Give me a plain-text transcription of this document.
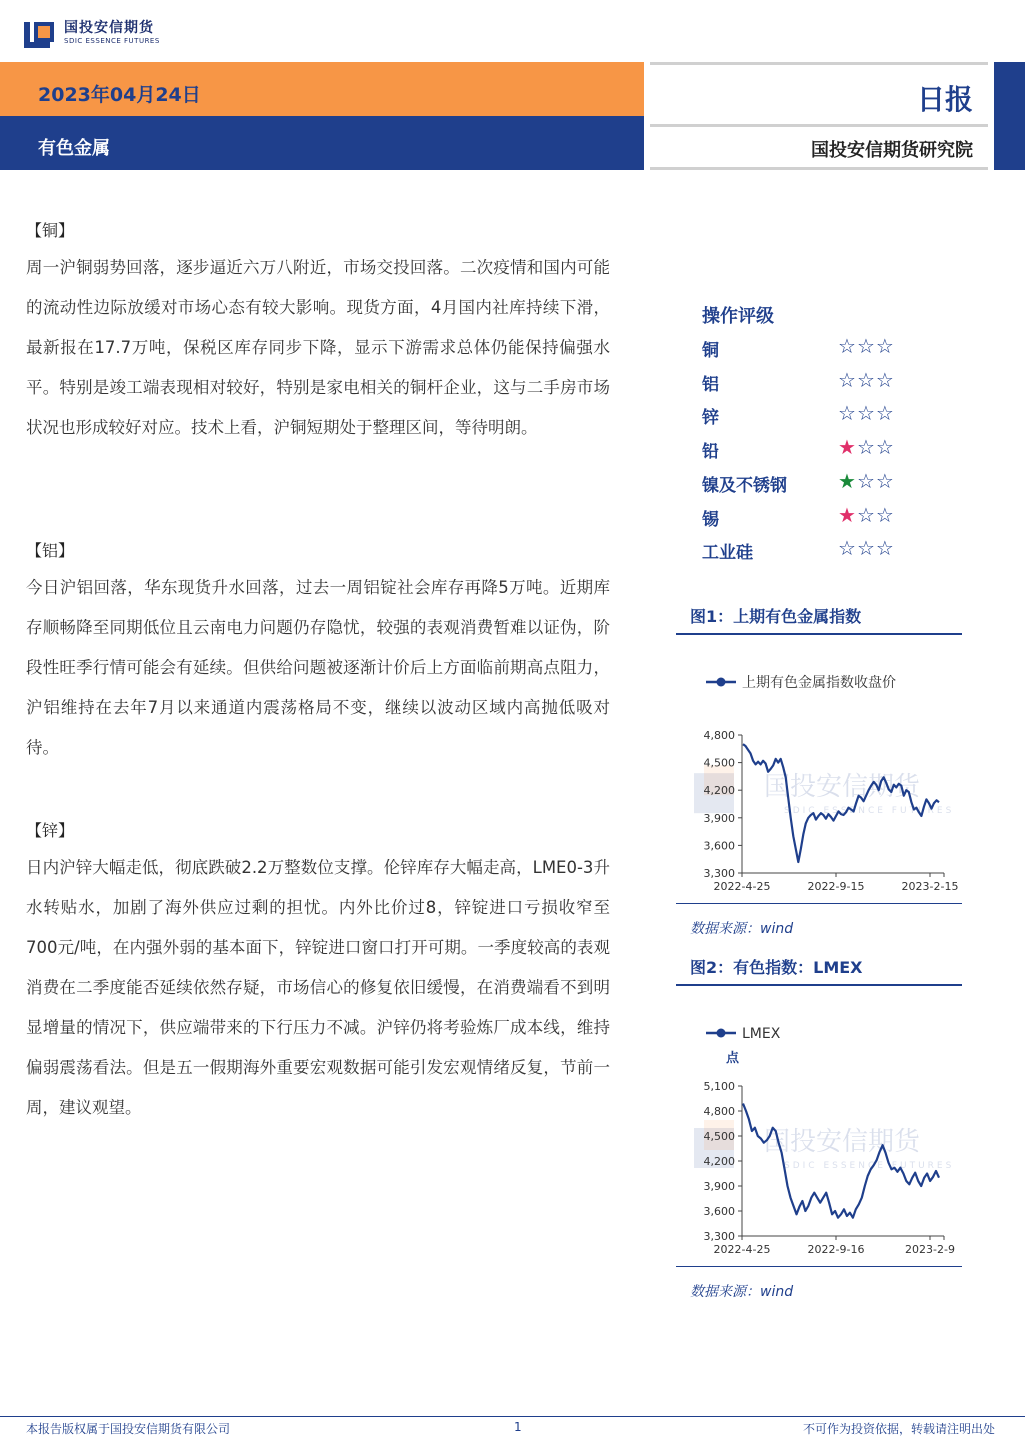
国投安信期货
SDIC ESSENCE FUTURES
2023年04月24日
有色金属
日报
国投安信期货研究院
【铜】
周一沪铜弱势回落，逐步逼近六万八附近，市场交投回落。二次疫情和国内可能的流动性边际放缓对市场心态有较大影响。现货方面，4月国内社库持续下滑，最新报在17.7万吨，保税区库存同步下降，显示下游需求总体仍能保持偏强水平。特别是竣工端表现相对较好，特别是家电相关的铜杆企业，这与二手房市场状况也形成较好对应。技术上看，沪铜短期处于整理区间，等待明朗。
【铝】
今日沪铝回落，华东现货升水回落，过去一周铝锭社会库存再降5万吨。近期库存顺畅降至同期低位且云南电力问题仍存隐忧，较强的表观消费暂难以证伪，阶段性旺季行情可能会有延续。但供给问题被逐渐计价后上方面临前期高点阻力，沪铝维持在去年7月以来通道内震荡格局不变，继续以波动区域内高抛低吸对待。
【锌】
日内沪锌大幅走低，彻底跌破2.2万整数位支撑。伦锌库存大幅走高，LME0-3升水转贴水，加剧了海外供应过剩的担忧。内外比价过8，锌锭进口亏损收窄至700元/吨，在内强外弱的基本面下，锌锭进口窗口打开可期。一季度较高的表观消费在二季度能否延续依然存疑，市场信心的修复依旧缓慢，在消费端看不到明显增量的情况下，供应端带来的下行压力不减。沪锌仍将考验炼厂成本线，维持偏弱震荡看法。但是五一假期海外重要宏观数据可能引发宏观情绪反复，节前一周，建议观望。
操作评级
铜	☆☆☆
铝	☆☆☆
锌	☆☆☆
铅	★☆☆
镍及不锈钢	★☆☆
锡	★☆☆
工业硅	☆☆☆
图1：上期有色金属指数
上期有色金属指数收盘价
国投安信期货
SDIC ESSENCE FUTURES
4,800
4,500
4,200
3,900
3,600
3,300
2022-4-25	2022-9-15	2023-2-15
数据来源：wind
图2：有色指数：LMEX
LMEX
点
国投安信期货
SDIC ESSENCE FUTURES
5,100
4,800
4,500
4,200
3,900
3,600
3,300
2022-4-25	2022-9-16	2023-2-9
数据来源：wind
本报告版权属于国投安信期货有限公司	1	不可作为投资依据，转载请注明出处
